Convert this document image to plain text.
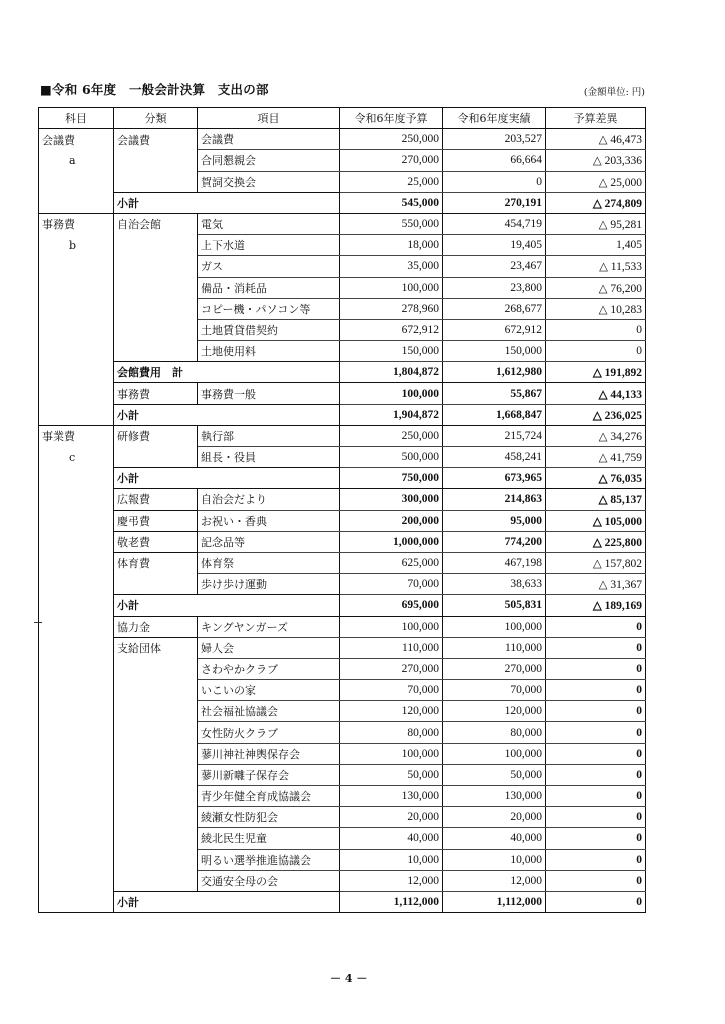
■令和 6年度　一般会計決算　支出の部	(金額単位: 円)
科目	分類	項目	令和6年度予算	令和6年度実績	予算差異
会議費	会議費	会議費	250,000	203,527	△ 46,473
a		合同懇親会	270,000	66,664	△ 203,336
		賀詞交換会	25,000	0	△ 25,000
	小計		545,000	270,191	△ 274,809
事務費	自治会館	電気	550,000	454,719	△ 95,281
b		上下水道	18,000	19,405	1,405
		ガス	35,000	23,467	△ 11,533
		備品・消耗品	100,000	23,800	△ 76,200
		コピー機・パソコン等	278,960	268,677	△ 10,283
		土地賃貸借契約	672,912	672,912	0
		土地使用料	150,000	150,000	0
	会館費用　計		1,804,872	1,612,980	△ 191,892
	事務費	事務費一般	100,000	55,867	△ 44,133
	小計		1,904,872	1,668,847	△ 236,025
事業費	研修費	執行部	250,000	215,724	△ 34,276
c		組長・役員	500,000	458,241	△ 41,759
	小計		750,000	673,965	△ 76,035
	広報費	自治会だより	300,000	214,863	△ 85,137
	慶弔費	お祝い・香典	200,000	95,000	△ 105,000
	敬老費	記念品等	1,000,000	774,200	△ 225,800
	体育費	体育祭	625,000	467,198	△ 157,802
		歩け歩け運動	70,000	38,633	△ 31,367
	小計		695,000	505,831	△ 189,169
	協力金	キングヤンガーズ	100,000	100,000	0
	支給団体	婦人会	110,000	110,000	0
		さわやかクラブ	270,000	270,000	0
		いこいの家	70,000	70,000	0
		社会福祉協議会	120,000	120,000	0
		女性防火クラブ	80,000	80,000	0
		蓼川神社神輿保存会	100,000	100,000	0
		蓼川新囃子保存会	50,000	50,000	0
		青少年健全育成協議会	130,000	130,000	0
		綾瀬女性防犯会	20,000	20,000	0
		綾北民生児童	40,000	40,000	0
		明るい選挙推進協議会	10,000	10,000	0
		交通安全母の会	12,000	12,000	0
	小計		1,112,000	1,112,000	0
－ 4 －
